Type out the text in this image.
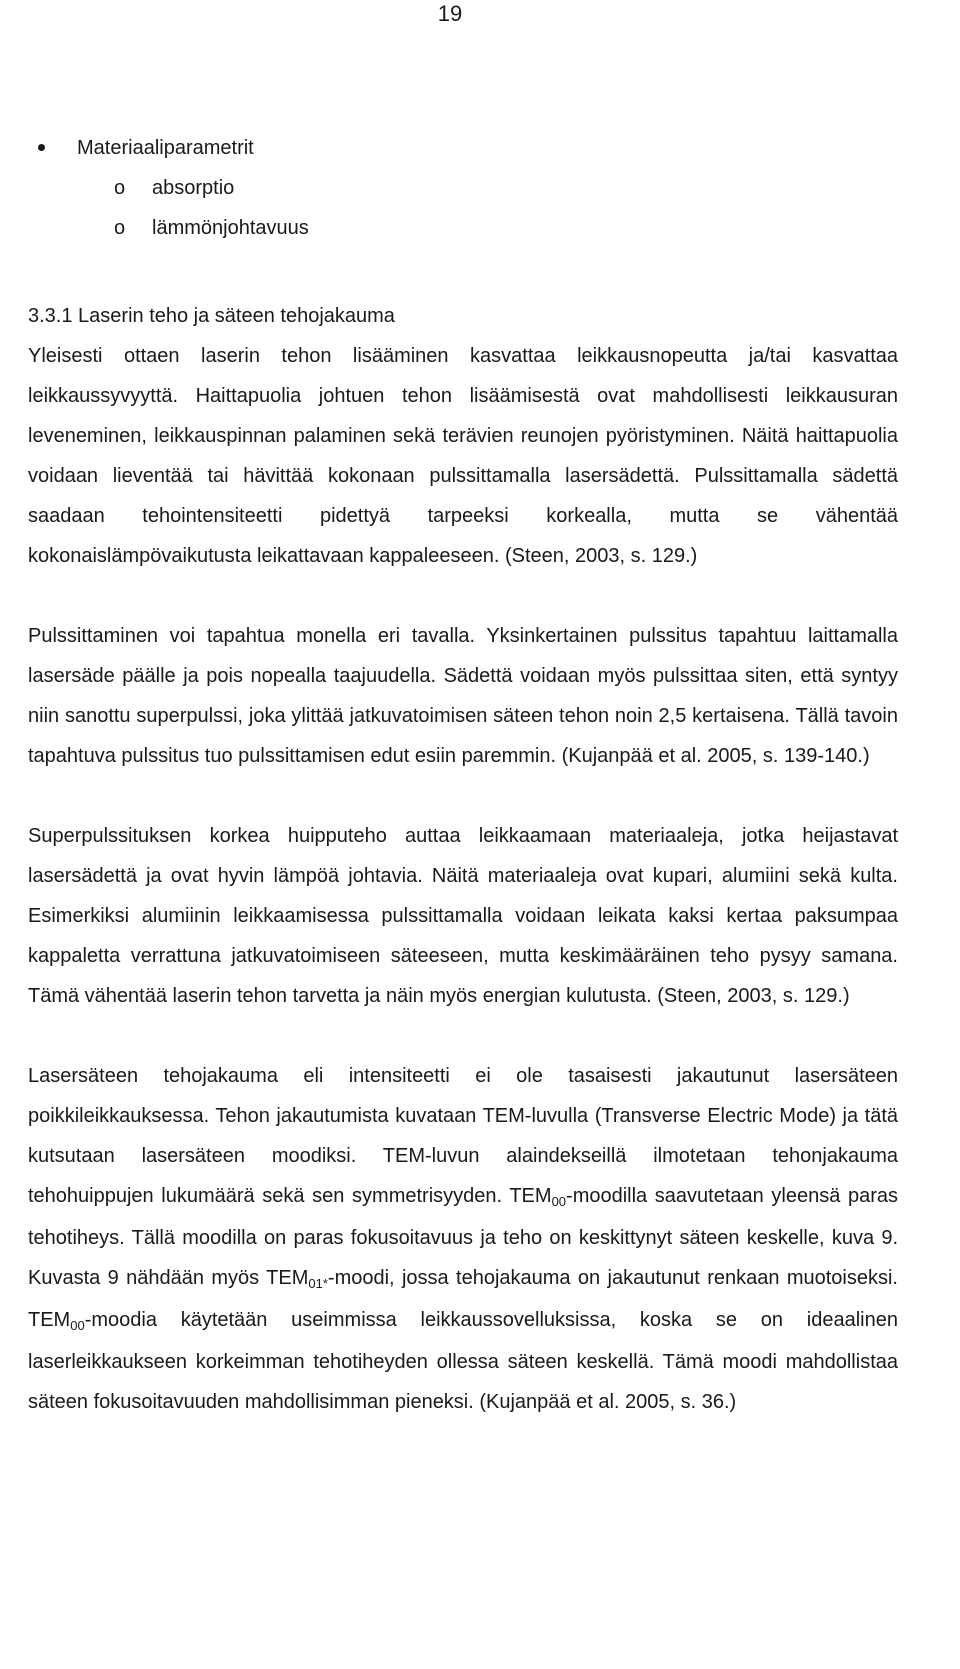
19
Materiaaliparametrit
o absorptio
o lämmönjohtavuus
3.3.1 Laserin teho ja säteen tehojakauma

Yleisesti ottaen laserin tehon lisääminen kasvattaa leikkausnopeutta ja/tai kasvattaa leikkaussyvyyttä. Haittapuolia johtuen tehon lisäämisestä ovat mahdollisesti leikkausuran leveneminen, leikkauspinnan palaminen sekä terävien reunojen pyöristyminen. Näitä haittapuolia voidaan lieventää tai hävittää kokonaan pulssittamalla lasersädettä. Pulssittamalla sädettä saadaan tehointensiteetti pidettyä tarpeeksi korkealla, mutta se vähentää kokonaislämpövaikutusta leikattavaan kappaleeseen. (Steen, 2003, s. 129.)

Pulssittaminen voi tapahtua monella eri tavalla. Yksinkertainen pulssitus tapahtuu laittamalla lasersäde päälle ja pois nopealla taajuudella. Sädettä voidaan myös pulssittaa siten, että syntyy niin sanottu superpulssi, joka ylittää jatkuvatoimisen säteen tehon noin 2,5 kertaisena. Tällä tavoin tapahtuva pulssitus tuo pulssittamisen edut esiin paremmin. (Kujanpää et al. 2005, s. 139-140.)

Superpulssituksen korkea huipputeho auttaa leikkaamaan materiaaleja, jotka heijastavat lasersädettä ja ovat hyvin lämpöä johtavia. Näitä materiaaleja ovat kupari, alumiini sekä kulta. Esimerkiksi alumiinin leikkaamisessa pulssittamalla voidaan leikata kaksi kertaa paksumpaa kappaletta verrattuna jatkuvatoimiseen säteeseen, mutta keskimääräinen teho pysyy samana. Tämä vähentää laserin tehon tarvetta ja näin myös energian kulutusta. (Steen, 2003, s. 129.)

Lasersäteen tehojakauma eli intensiteetti ei ole tasaisesti jakautunut lasersäteen poikkileikkauksessa. Tehon jakautumista kuvataan TEM-luvulla (Transverse Electric Mode) ja tätä kutsutaan lasersäteen moodiksi. TEM-luvun alaindekseillä ilmotetaan tehonjakauma tehohuippujen lukumäärä sekä sen symmetrisyyden. $TEM_{00}$-moodilla saavutetaan yleensä paras tehotiheys. Tällä moodilla on paras fokusoitavuus ja teho on keskittynyt säteen keskelle, kuva 9. Kuvasta 9 nähdään myös $TEM_{01*}$-moodi, jossa tehojakauma on jakautunut renkaan muotoiseksi. $TEM_{00}$-moodia käytetään useimmissa leikkaussovelluksissa, koska se on ideaalinen laserleikkaukseen korkeimman tehotiheyden ollessa säteen keskellä. Tämä moodi mahdollistaa säteen fokusoitavuuden mahdollisimman pieneksi. (Kujanpää et al. 2005, s. 36.)
